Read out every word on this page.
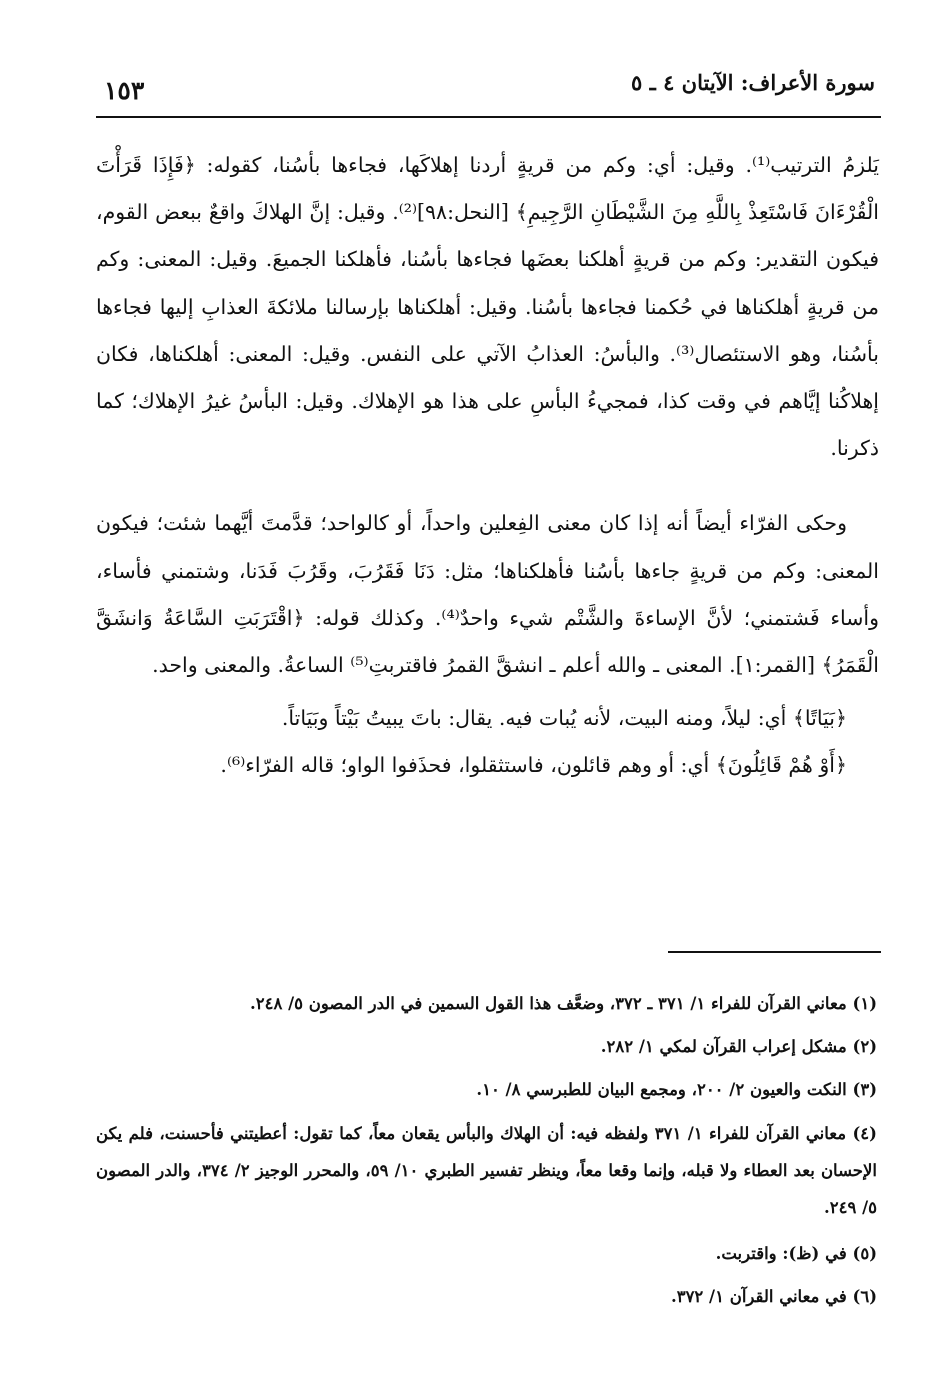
سورة الأعراف: الآيتان ٤ ـ ٥
١٥٣

يَلزمُ الترتيب⁽¹⁾. وقيل: أي: وكم من قريةٍ أردنا إهلاكَها، فجاءها بأسُنا، كقوله: ﴿فَإِذَا قَرَأْتَ الْقُرْءَانَ فَاسْتَعِذْ بِاللَّهِ مِنَ الشَّيْطَانِ الرَّجِيمِ﴾ [النحل:٩٨]⁽²⁾. وقيل: إنَّ الهلاكَ واقعٌ ببعض القوم، فيكون التقدير: وكم من قريةٍ أهلكنا بعضَها فجاءها بأسُنا، فأهلكنا الجميعَ. وقيل: المعنى: وكم من قريةٍ أهلكناها في حُكمنا فجاءها بأسُنا. وقيل: أهلكناها بإرسالنا ملائكةَ العذابِ إليها فجاءها بأسُنا، وهو الاستئصال⁽³⁾. والبأسُ: العذابُ الآتي على النفس. وقيل: المعنى: أهلكناها، فكان إهلاكُنا إيَّاهم في وقت كذا، فمجيءُ البأسِ على هذا هو الإهلاك. وقيل: البأسُ غيرُ الإهلاك؛ كما ذكرنا.

وحكى الفرّاء أيضاً أنه إذا كان معنى الفِعلين واحداً، أو كالواحد؛ قدَّمتَ أيَّهما شئت؛ فيكون المعنى: وكم من قريةٍ جاءها بأسُنا فأهلكناها؛ مثل: دَنَا فَقَرُبَ، وقَرُبَ فَدَنا، وشتمني فأساء، وأساء فَشتمني؛ لأنَّ الإساءةَ والشَّتْم شيء واحدٌ⁽⁴⁾. وكذلك قوله: ﴿اقْتَرَبَتِ السَّاعَةُ وَانشَقَّ الْقَمَرُ﴾ [القمر:١]. المعنى ـ والله أعلم ـ انشقَّ القمرُ فاقتربتِ⁽⁵⁾ الساعةُ. والمعنى واحد.

﴿بَيَاتًا﴾ أي: ليلاً، ومنه البيت، لأنه يُبات فيه. يقال: باتَ يبيتُ بَيْتاً وبَيَاتاً.

﴿أَوْ هُمْ قَائِلُونَ﴾ أي: أو وهم قائلون، فاستثقلوا، فحذَفوا الواو؛ قاله الفرّاء⁽⁶⁾.

(١) معاني القرآن للفراء ١/ ٣٧١ ـ ٣٧٢، وضعَّف هذا القول السمين في الدر المصون ٥/ ٢٤٨.

(٢) مشكل إعراب القرآن لمكي ١/ ٢٨٢.

(٣) النكت والعيون ٢/ ٢٠٠، ومجمع البيان للطبرسي ٨/ ١٠.

(٤) معاني القرآن للفراء ١/ ٣٧١ ولفظه فيه: أن الهلاك والبأس يقعان معاً، كما تقول: أعطيتني فأحسنت، فلم يكن الإحسان بعد العطاء ولا قبله، وإنما وقعا معاً، وينظر تفسير الطبري ١٠/ ٥٩، والمحرر الوجيز ٢/ ٣٧٤، والدر المصون ٥/ ٢٤٩.

(٥) في (ظ): واقتربت.

(٦) في معاني القرآن ١/ ٣٧٢.
